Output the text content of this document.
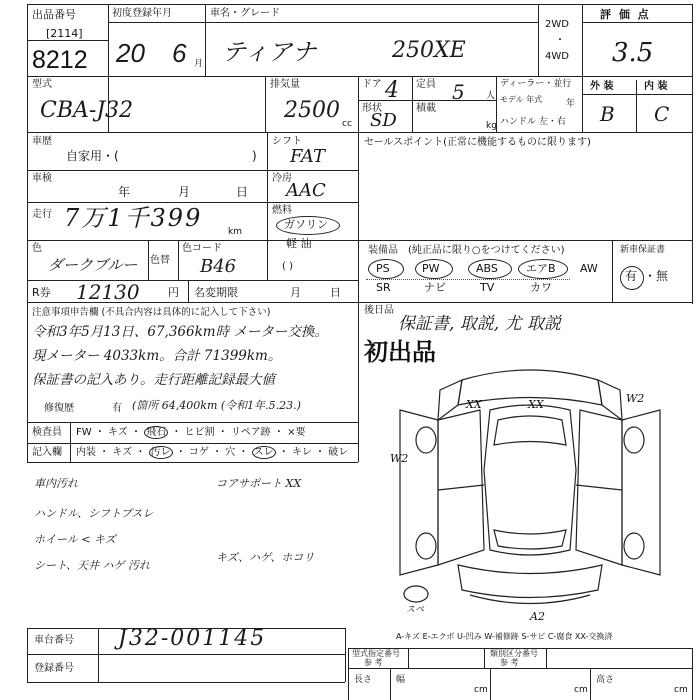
出品番号
[2114]
8212
初度登録年月
20 6 月
車名・グレード
ティアナ	250XE
2WD
・
4WD
評 価 点
3.5
外 装	内 装
B C
型式
CBA-J32
排気量
2500
cc
ドア 4 定員 5 人
形状
SD
積載
kg
ディーラー・並行
モデル 年式	年
ハンドル 左・右
車歴
自家用・(	)
シフト
FAT
車検
年	月	日
冷房
AAC
走行 7万1千399	km
燃料
ガソリン
軽 油
( )
色
ダークブルー 色替
色コード
B46
R券 12130	円 名変期限	月	日
注意事項申告欄 (不具合内容は具体的に記入して下さい)
令和3年5月13日、67,366km時 メーター交換。
現メーター 4033km。合計 71399km。
保証書の記入あり。走行距離記録最大値
修復歴	有 (箇所 64,400km (令和1年.5.23.)
検査員
記入欄
FW ・ キズ ・ 飛石 ・ ヒビ割 ・ リペア跡 ・ ×要
内装 ・ キズ ・ 汚レ ・ コゲ ・ 穴 ・ スレ ・ キレ ・ 破レ
車内汚れ	コアサポート XX
ハンドル、シフトブスレ
ホイール < キズ
シート、天井 ハゲ 汚れ
キズ、ハゲ、ホコリ
セールスポイント(正常に機能するものに限ります)
装備品 (純正品に限り○をつけてください)	新車保証書
PS	PW	ABS	エアB AW
SR	ナビ	TV	カワ
有 ・無
後日品
保証書, 取説, 尤 取説
初出品
XX	XX	W2
W2
A2
スペ
A-キズ E-エクボ U-凹み W-補修跡 S-サビ C-腐食 XX-交換済
車台番号 J32-001145
登録番号
型式指定番号
参 考
類別区分番号
参 考
長さ
cm
幅
cm
高さ
cm
